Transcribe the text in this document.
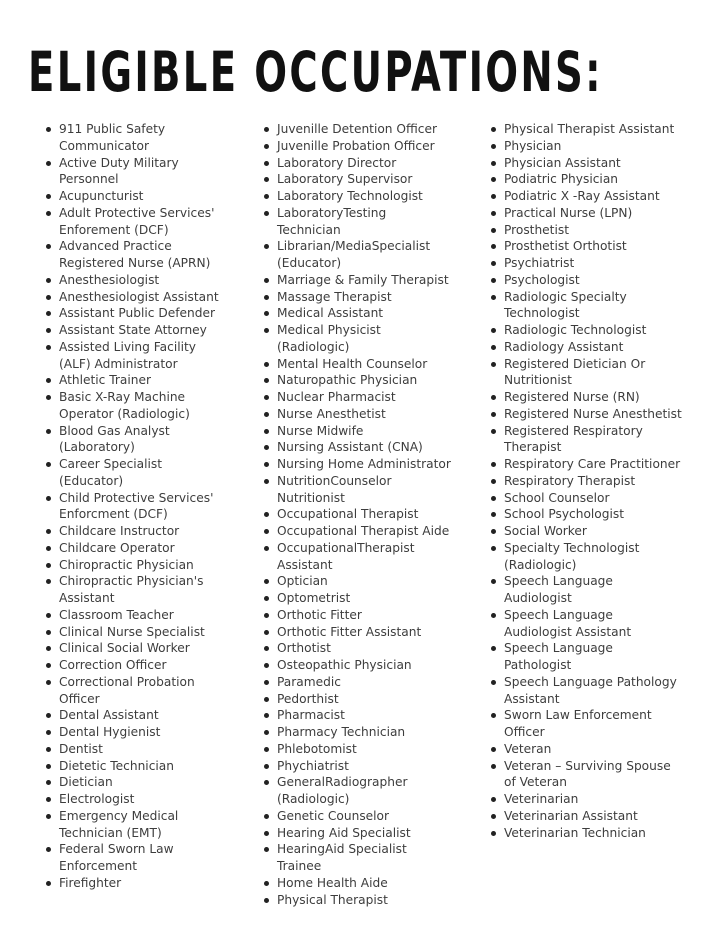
ELIGIBLE OCCUPATIONS:
911 Public Safety Communicator
Active Duty Military Personnel
Acupuncturist
Adult Protective Services' Enforement (DCF)
Advanced Practice Registered Nurse (APRN)
Anesthesiologist
Anesthesiologist Assistant
Assistant Public Defender
Assistant State Attorney
Assisted Living Facility (ALF) Administrator
Athletic Trainer
Basic X-Ray Machine Operator (Radiologic)
Blood Gas Analyst (Laboratory)
Career Specialist (Educator)
Child Protective Services' Enforcment (DCF)
Childcare Instructor
Childcare Operator
Chiropractic Physician
Chiropractic Physician's Assistant
Classroom Teacher
Clinical Nurse Specialist
Clinical Social Worker
Correction Officer
Correctional Probation Officer
Dental Assistant
Dental Hygienist
Dentist
Dietetic Technician
Dietician
Electrologist
Emergency Medical Technician (EMT)
Federal Sworn Law Enforcement
Firefighter
Juvenille Detention Officer
Juvenille Probation Officer
Laboratory Director
Laboratory Supervisor
Laboratory Technologist
LaboratoryTesting Technician
Librarian/MediaSpecialist (Educator)
Marriage & Family Therapist
Massage Therapist
Medical Assistant
Medical Physicist (Radiologic)
Mental Health Counselor
Naturopathic Physician
Nuclear Pharmacist
Nurse Anesthetist
Nurse Midwife
Nursing Assistant (CNA)
Nursing Home Administrator
NutritionCounselor Nutritionist
Occupational Therapist
Occupational Therapist Aide
OccupationalTherapist Assistant
Optician
Optometrist
Orthotic Fitter
Orthotic Fitter Assistant
Orthotist
Osteopathic Physician
Paramedic
Pedorthist
Pharmacist
Pharmacy Technician
Phlebotomist
Phychiatrist
GeneralRadiographer (Radiologic)
Genetic Counselor
Hearing Aid Specialist
HearingAid Specialist Trainee
Home Health Aide
Physical Therapist
Physical Therapist Assistant
Physician
Physician Assistant
Podiatric Physician
Podiatric X -Ray Assistant
Practical Nurse (LPN)
Prosthetist
Prosthetist Orthotist
Psychiatrist
Psychologist
Radiologic Specialty Technologist
Radiologic Technologist
Radiology Assistant
Registered Dietician Or Nutritionist
Registered Nurse (RN)
Registered Nurse Anesthetist
Registered Respiratory Therapist
Respiratory Care Practitioner
Respiratory Therapist
School Counselor
School Psychologist
Social Worker
Specialty Technologist (Radiologic)
Speech Language Audiologist
Speech Language Audiologist Assistant
Speech Language Pathologist
Speech Language Pathology Assistant
Sworn Law Enforcement Officer
Veteran
Veteran – Surviving Spouse of Veteran
Veterinarian
Veterinarian Assistant
Veterinarian Technician
